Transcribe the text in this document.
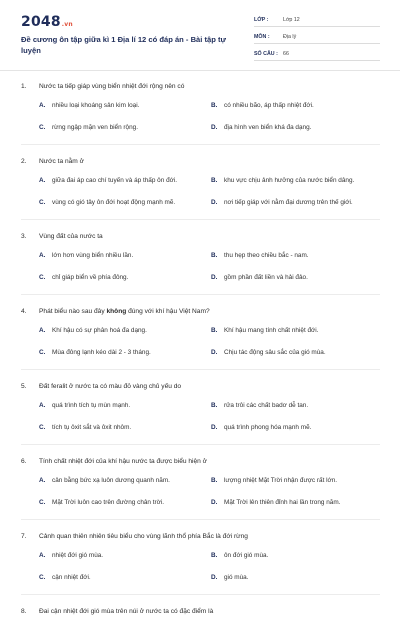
2048.vn
Đề cương ôn tập giữa kì 1 Địa lí 12 có đáp án - Bài tập tự luyện
LỚP :	Lớp 12
MÔN :	Địa lý
SỐ CÂU : 66
1.	Nước ta tiếp giáp vùng biển nhiệt đới rộng nên có
A.	nhiều loại khoáng sản kim loại.	B.	có nhiều bão, áp thấp nhiệt đới.
C.	rừng ngập mặn ven biển rộng.	D.	địa hình ven biển khá đa dạng.
2.	Nước ta nằm ở
A.	giữa đai áp cao chí tuyến và áp thấp ôn đới.	B.	khu vực chịu ảnh hưởng của nước biển dâng.
C.	vùng có gió tây ôn đới hoạt động mạnh mẽ.	D.	nơi tiếp giáp với nằm đại dương trên thế giới.
3.	Vùng đất của nước ta
A.	lớn hơn vùng biển nhiều lần.	B.	thu hẹp theo chiều bắc - nam.
C.	chỉ giáp biển về phía đông.	D.	gồm phần đất liền và hải đảo.
4.	Phát biểu nào sau đây không đúng với khí hậu Việt Nam?
A.	Khí hậu có sự phân hoá đa dạng.	B.	Khí hậu mang tính chất nhiệt đới.
C.	Mùa đông lạnh kéo dài 2 - 3 tháng.	D.	Chịu tác động sâu sắc của gió mùa.
5.	Đất feralit ở nước ta có màu đỏ vàng chủ yếu do
A.	quá trình tích tụ mùn mạnh.	B.	rửa trôi các chất badơ dễ tan.
C.	tích tụ ôxit sắt và ôxit nhôm.	D.	quá trình phong hóa mạnh mẽ.
6.	Tính chất nhiệt đới của khí hậu nước ta được biểu hiện ở
A.	cân bằng bức xạ luôn dương quanh năm.	B.	lượng nhiệt Mặt Trời nhận được rất lớn.
C.	Mặt Trời luôn cao trên đường chân trời.	D.	Mặt Trời lên thiên đỉnh hai lần trong năm.
7.	Cảnh quan thiên nhiên tiêu biểu cho vùng lãnh thổ phía Bắc là đới rừng
A.	nhiệt đới gió mùa.	B.	ôn đới gió mùa.
C.	cận nhiệt đới.	D.	gió mùa.
8.	Đai cận nhiệt đới gió mùa trên núi ở nước ta có đặc điểm là
